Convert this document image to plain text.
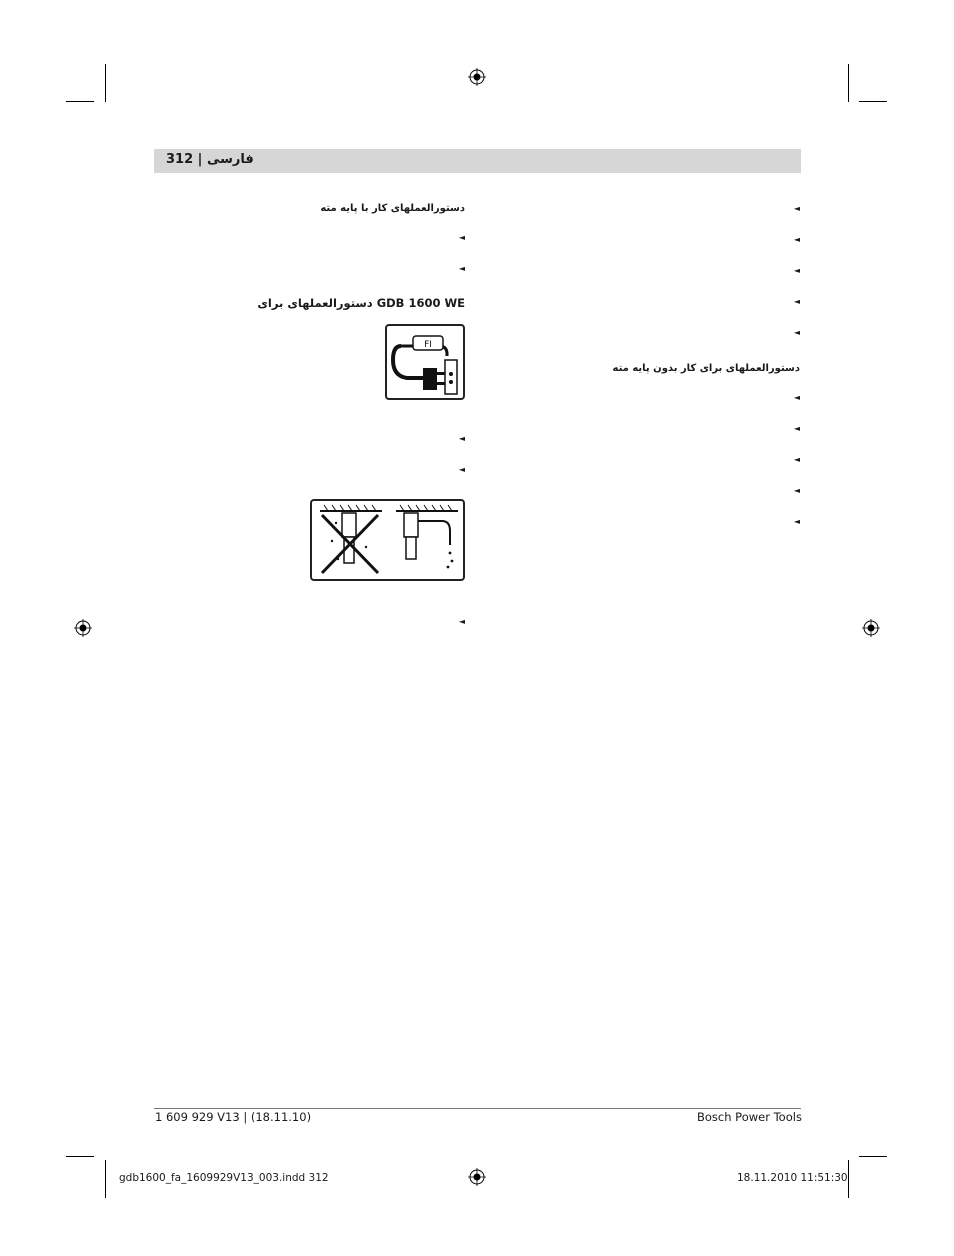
312 | فارسی
◄
◄
◄
◄
◄
دستورالعملهای برای کار بدون پایه مته
◄
◄
◄
◄
◄
دستورالعملهای کار با پایه مته
◄
◄
GDB 1600 WE دستورالعملهای برای
FI
◄
◄
◄
1 609 929 V13 | (18.11.10)	Bosch Power Tools
gdb1600_fa_1609929V13_003.indd 312	18.11.2010 11:51:30
